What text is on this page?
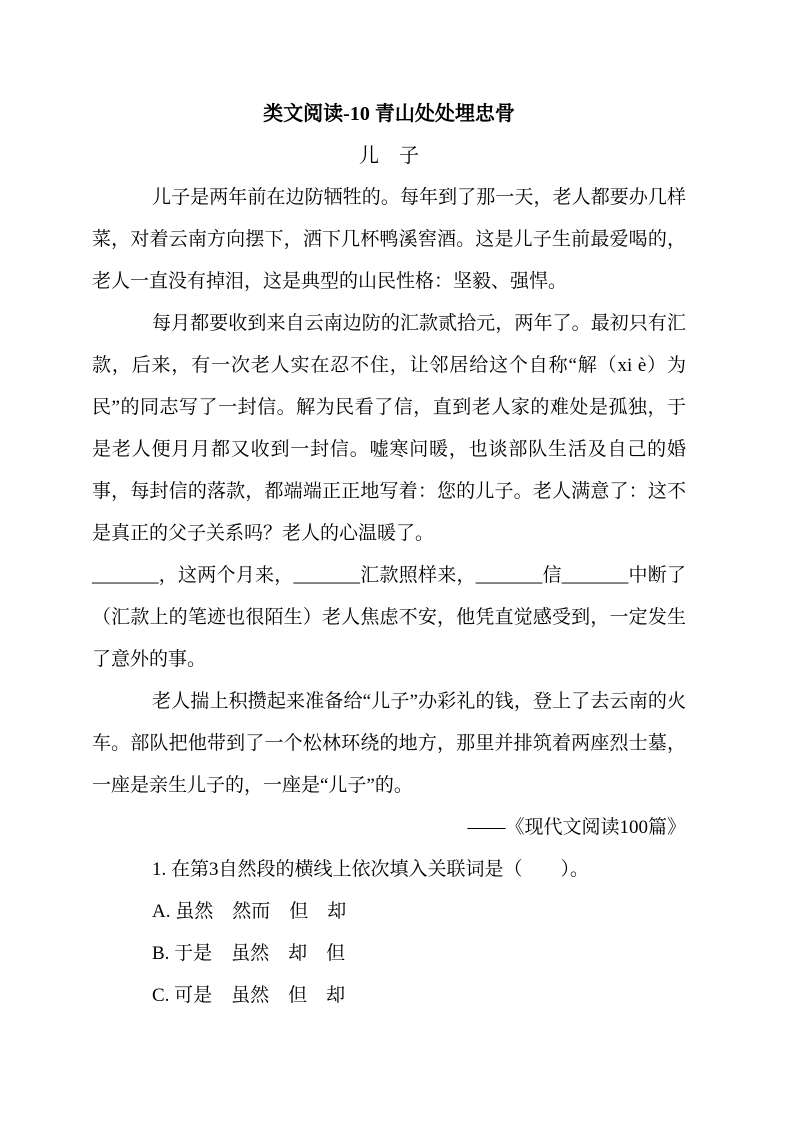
类文阅读-10 青山处处埋忠骨
儿　子

儿子是两年前在边防牺牲的。每年到了那一天，老人都要办几样菜，对着云南方向摆下，洒下几杯鸭溪窖酒。这是儿子生前最爱喝的，老人一直没有掉泪，这是典型的山民性格：坚毅、强悍。

每月都要收到来自云南边防的汇款贰拾元，两年了。最初只有汇款，后来，有一次老人实在忍不住，让邻居给这个自称“解（xi è）为民”的同志写了一封信。解为民看了信，直到老人家的难处是孤独，于是老人便月月都又收到一封信。嘘寒问暖，也谈部队生活及自己的婚事，每封信的落款，都端端正正地写着：您的儿子。老人满意了：这不是真正的父子关系吗？老人的心温暖了。

_______，这两个月来，_______汇款照样来，_______信_______中断了（汇款上的笔迹也很陌生）老人焦虑不安，他凭直觉感受到，一定发生了意外的事。

老人揣上积攒起来准备给“儿子”办彩礼的钱，登上了去云南的火车。部队把他带到了一个松林环绕的地方，那里并排筑着两座烈士墓，一座是亲生儿子的，一座是“儿子”的。

——《现代文阅读100篇》

1. 在第3自然段的横线上依次填入关联词是（　　）。

A. 虽然　然而　但　却

B. 于是　虽然　却　但

C. 可是　虽然　但　却
